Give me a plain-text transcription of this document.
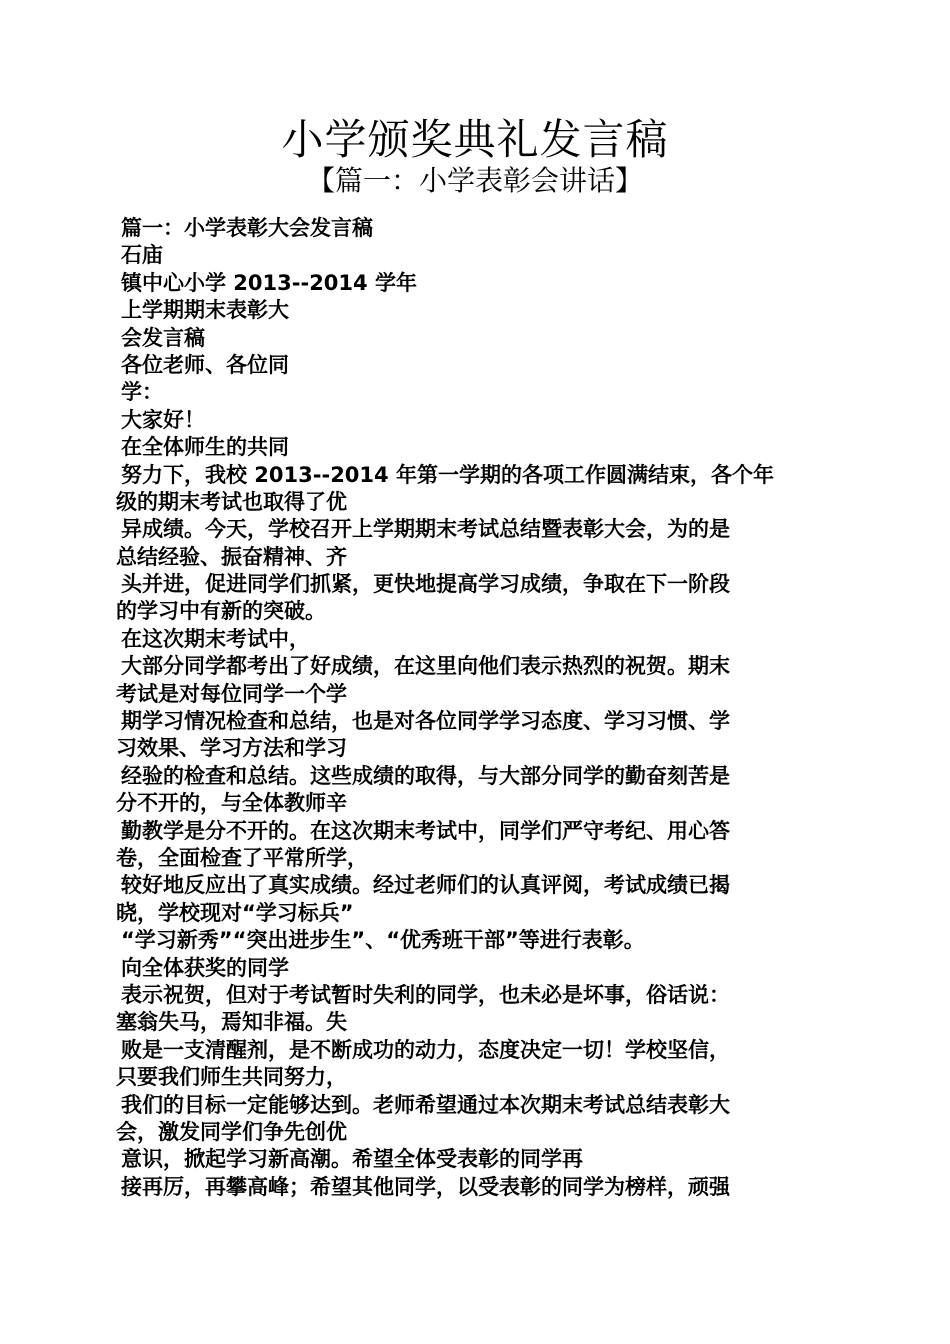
小学颁奖典礼发言稿
【篇一：小学表彰会讲话】
篇一：小学表彰大会发言稿
石庙
镇中心小学 2013--2014 学年
上学期期末表彰大
会发言稿
各位老师、各位同
学：
大家好！
在全体师生的共同
努力下，我校 2013--2014 年第一学期的各项工作圆满结束，各个年
级的期末考试也取得了优
异成绩。今天，学校召开上学期期末考试总结暨表彰大会，为的是
总结经验、振奋精神、齐
头并进，促进同学们抓紧，更快地提高学习成绩，争取在下一阶段
的学习中有新的突破。
在这次期末考试中，
大部分同学都考出了好成绩，在这里向他们表示热烈的祝贺。期末
考试是对每位同学一个学
期学习情况检查和总结，也是对各位同学学习态度、学习习惯、学
习效果、学习方法和学习
经验的检查和总结。这些成绩的取得，与大部分同学的勤奋刻苦是
分不开的，与全体教师辛
勤教学是分不开的。在这次期末考试中，同学们严守考纪、用心答
卷，全面检查了平常所学，
较好地反应出了真实成绩。经过老师们的认真评阅，考试成绩已揭
晓，学校现对“学习标兵”
“学习新秀”“突出进步生”、“优秀班干部”等进行表彰。
向全体获奖的同学
表示祝贺，但对于考试暂时失利的同学，也未必是坏事，俗话说：
塞翁失马，焉知非福。失
败是一支清醒剂，是不断成功的动力，态度决定一切！学校坚信，
只要我们师生共同努力，
我们的目标一定能够达到。老师希望通过本次期末考试总结表彰大
会，激发同学们争先创优
意识，掀起学习新高潮。希望全体受表彰的同学再
接再厉，再攀高峰；希望其他同学，以受表彰的同学为榜样，顽强
